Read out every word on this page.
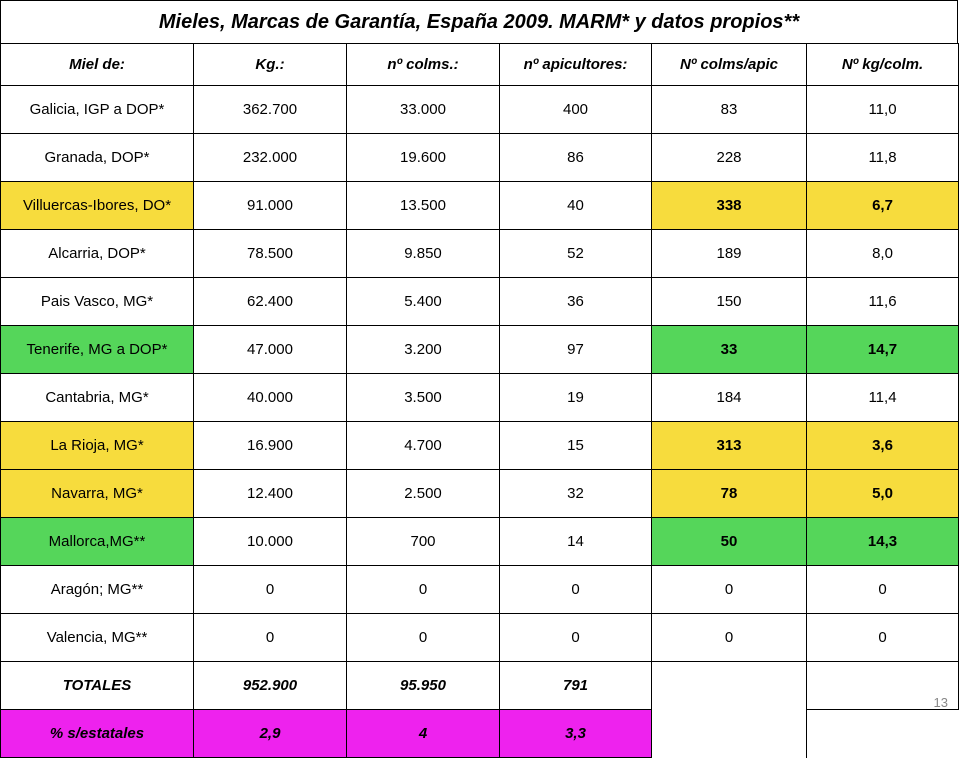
Mieles, Marcas de Garantía, España 2009. MARM* y datos propios**
Miel de:	Kg.:	nº colms.:	nº apicultores:	Nº colms/apic	Nº kg/colm.
Galicia, IGP a DOP*	362.700	33.000	400	83	11,0
Granada, DOP*	232.000	19.600	86	228	11,8
Villuercas-Ibores, DO*	91.000	13.500	40	338	6,7
Alcarria, DOP*	78.500	9.850	52	189	8,0
Pais Vasco, MG*	62.400	5.400	36	150	11,6
Tenerife, MG a DOP*	47.000	3.200	97	33	14,7
Cantabria, MG*	40.000	3.500	19	184	11,4
La Rioja, MG*	16.900	4.700	15	313	3,6
Navarra, MG*	12.400	2.500	32	78	5,0
Mallorca,MG**	10.000	700	14	50	14,3
Aragón; MG**	0	0	0	0	0
Valencia, MG**	0	0	0	0	0
TOTALES	952.900	95.950	791		
% s/estatales	2,9	4	3,3		
13
